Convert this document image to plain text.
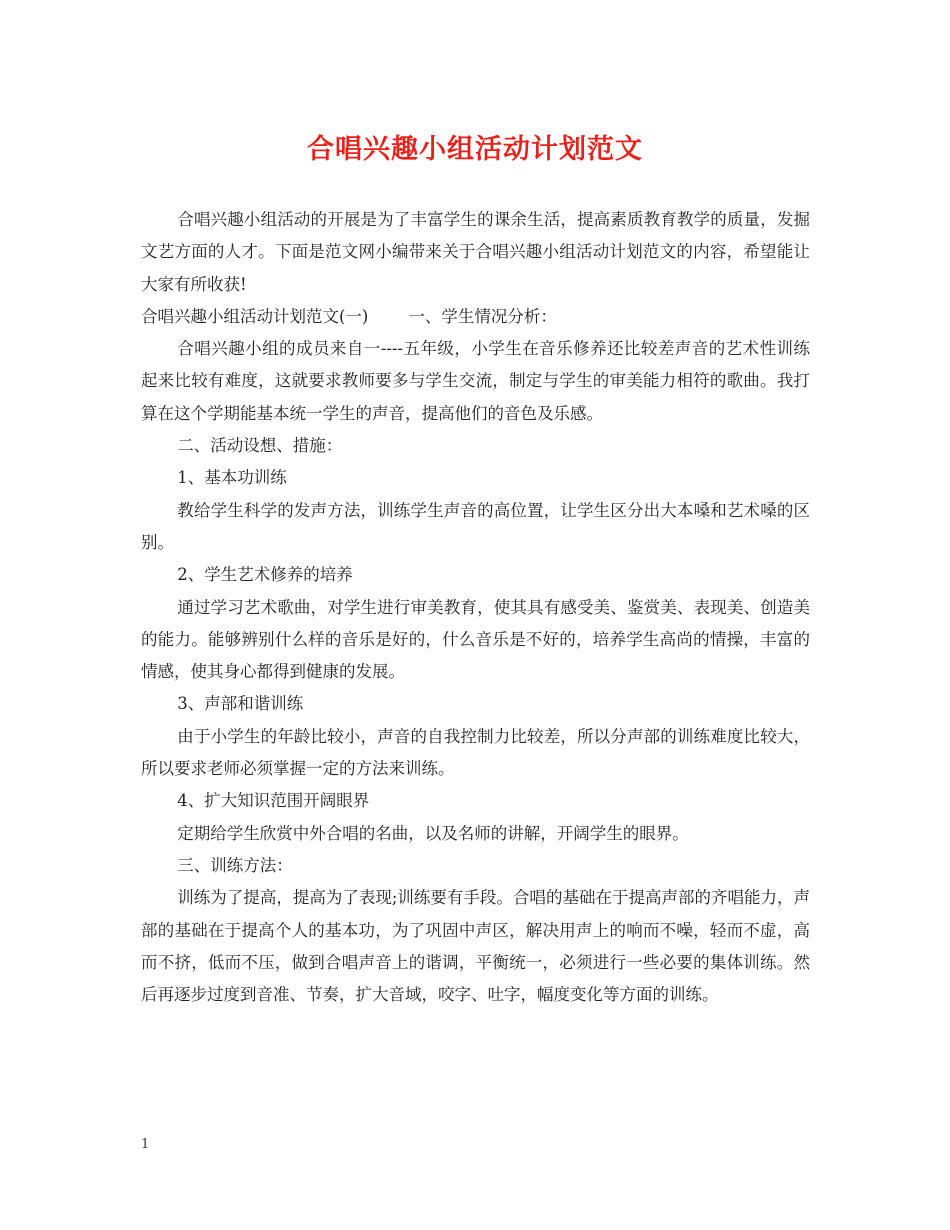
合唱兴趣小组活动计划范文

合唱兴趣小组活动的开展是为了丰富学生的课余生活，提高素质教育教学的质量，发掘文艺方面的人才。下面是范文网小编带来关于合唱兴趣小组活动计划范文的内容，希望能让大家有所收获!

合唱兴趣小组活动计划范文(一) 一、学生情况分析：

合唱兴趣小组的成员来自一----五年级，小学生在音乐修养还比较差声音的艺术性训练起来比较有难度，这就要求教师要多与学生交流，制定与学生的审美能力相符的歌曲。我打算在这个学期能基本统一学生的声音，提高他们的音色及乐感。

二、活动设想、措施：

1、基本功训练

教给学生科学的发声方法，训练学生声音的高位置，让学生区分出大本嗓和艺术嗓的区别。

2、学生艺术修养的培养

通过学习艺术歌曲，对学生进行审美教育，使其具有感受美、鉴赏美、表现美、创造美的能力。能够辨别什么样的音乐是好的，什么音乐是不好的，培养学生高尚的情操，丰富的情感，使其身心都得到健康的发展。

3、声部和谐训练

由于小学生的年龄比较小，声音的自我控制力比较差，所以分声部的训练难度比较大，所以要求老师必须掌握一定的方法来训练。

4、扩大知识范围开阔眼界

定期给学生欣赏中外合唱的名曲，以及名师的讲解，开阔学生的眼界。

三、训练方法：

训练为了提高，提高为了表现;训练要有手段。合唱的基础在于提高声部的齐唱能力，声部的基础在于提高个人的基本功，为了巩固中声区，解决用声上的响而不噪，轻而不虚，高而不挤，低而不压，做到合唱声音上的谐调，平衡统一，必须进行一些必要的集体训练。然后再逐步过度到音准、节奏，扩大音域，咬字、吐字，幅度变化等方面的训练。

1
